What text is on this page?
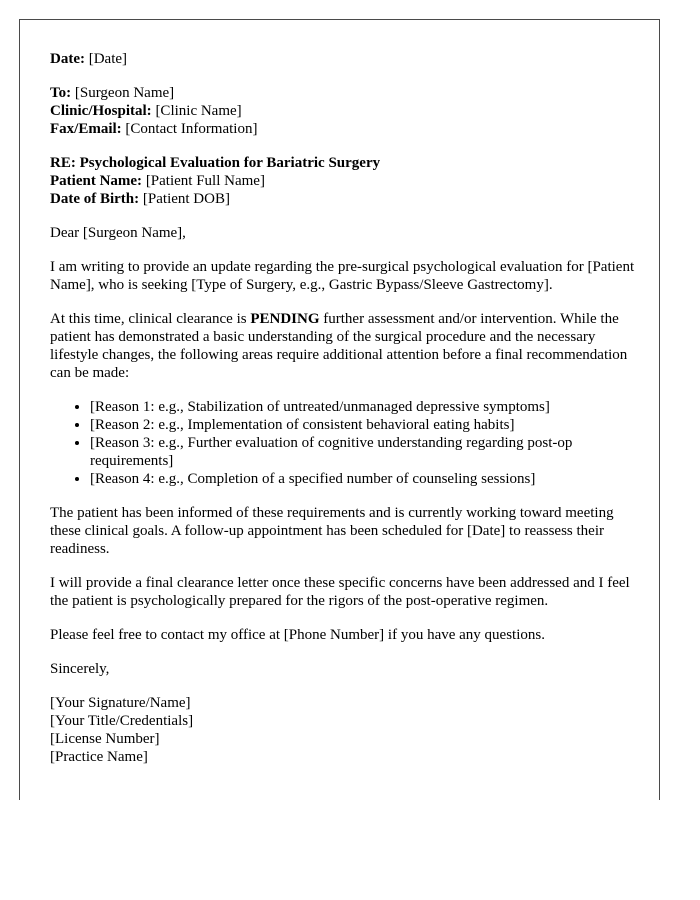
Date: [Date]
To: [Surgeon Name]
Clinic/Hospital: [Clinic Name]
Fax/Email: [Contact Information]
RE: Psychological Evaluation for Bariatric Surgery
Patient Name: [Patient Full Name]
Date of Birth: [Patient DOB]

Dear [Surgeon Name],

I am writing to provide an update regarding the pre-surgical psychological evaluation for [Patient Name], who is seeking [Type of Surgery, e.g., Gastric Bypass/Sleeve Gastrectomy].

At this time, clinical clearance is PENDING further assessment and/or intervention. While the patient has demonstrated a basic understanding of the surgical procedure and the necessary lifestyle changes, the following areas require additional attention before a final recommendation can be made:

• [Reason 1: e.g., Stabilization of untreated/unmanaged depressive symptoms]
• [Reason 2: e.g., Implementation of consistent behavioral eating habits]
• [Reason 3: e.g., Further evaluation of cognitive understanding regarding post-op requirements]
• [Reason 4: e.g., Completion of a specified number of counseling sessions]

The patient has been informed of these requirements and is currently working toward meeting these clinical goals. A follow-up appointment has been scheduled for [Date] to reassess their readiness.

I will provide a final clearance letter once these specific concerns have been addressed and I feel the patient is psychologically prepared for the rigors of the post-operative regimen.

Please feel free to contact my office at [Phone Number] if you have any questions.

Sincerely,

[Your Signature/Name]
[Your Title/Credentials]
[License Number]
[Practice Name]
